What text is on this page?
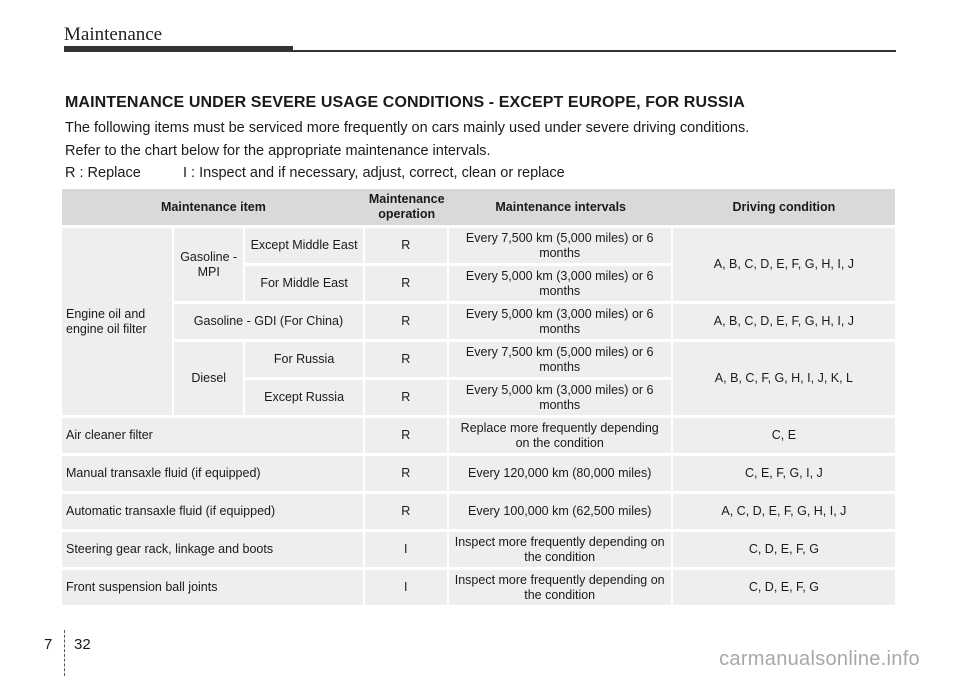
Maintenance
MAINTENANCE UNDER SEVERE USAGE CONDITIONS - EXCEPT EUROPE, FOR RUSSIA
The following items must be serviced more frequently on cars mainly used under severe driving conditions.
Refer to the chart below for the appropriate maintenance intervals.
R : Replace	I : Inspect and if necessary, adjust, correct, clean or replace
Maintenance item			Maintenance operation	Maintenance intervals	Driving condition
Engine oil and engine oil filter	Gasoline - MPI	Except Middle East	R	Every 7,500 km (5,000 miles) or 6 months	A, B, C, D, E, F, G, H, I, J
		For Middle East	R	Every 5,000 km (3,000 miles) or 6 months	
	Gasoline - GDI (For China)		R	Every 5,000 km (3,000 miles) or 6 months	A, B, C, D, E, F, G, H, I, J
	Diesel	For Russia	R	Every 7,500 km (5,000 miles) or 6 months	A, B, C, F, G, H, I, J, K, L
		Except Russia	R	Every 5,000 km (3,000 miles) or 6 months	
Air cleaner filter			R	Replace more frequently depending on the condition	C, E
Manual transaxle fluid (if equipped)			R	Every 120,000 km (80,000 miles)	C, E, F, G, I, J
Automatic transaxle fluid (if equipped)			R	Every 100,000 km (62,500 miles)	A, C, D, E, F, G, H, I, J
Steering gear rack, linkage and boots			I	Inspect more frequently depending on the condition	C, D, E, F, G
Front suspension ball joints			I	Inspect more frequently depending on the condition	C, D, E, F, G
7 32
carmanualsonline.info
